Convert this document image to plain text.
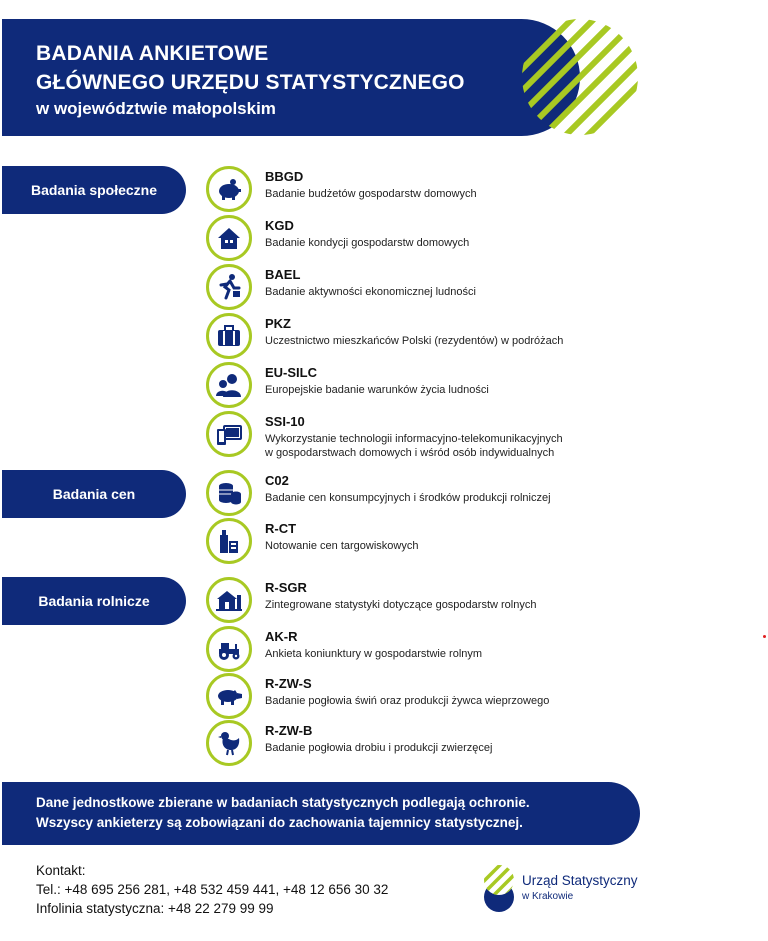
BADANIA ANKIETOWE
GŁÓWNEGO URZĘDU STATYSTYCZNEGO
w województwie małopolskim
Badania społeczne
Badania cen
Badania rolnicze
BBGD
Badanie budżetów gospodarstw domowych
KGD
Badanie kondycji gospodarstw domowych
BAEL
Badanie aktywności ekonomicznej ludności
PKZ
Uczestnictwo mieszkańców Polski (rezydentów) w podróżach
EU-SILC
Europejskie badanie warunków życia ludności
SSI-10
Wykorzystanie technologii informacyjno-telekomunikacyjnych
w gospodarstwach domowych i wśród osób indywidualnych
C02
Badanie cen konsumpcyjnych i środków produkcji rolniczej
R-CT
Notowanie cen targowiskowych
R-SGR
Zintegrowane statystyki dotyczące gospodarstw rolnych
AK-R
Ankieta koniunktury w gospodarstwie rolnym
R-ZW-S
Badanie pogłowia świń oraz produkcji żywca wieprzowego
R-ZW-B
Badanie pogłowia drobiu i produkcji zwierzęcej
Dane jednostkowe zbierane w badaniach statystycznych podlegają ochronie.
Wszyscy ankieterzy są zobowiązani do zachowania tajemnicy statystycznej.
Kontakt:
Tel.: +48 695 256 281, +48 532 459 441, +48 12 656 30 32
Infolinia statystyczna: +48 22 279 99 99
Urząd Statystyczny
w Krakowie
